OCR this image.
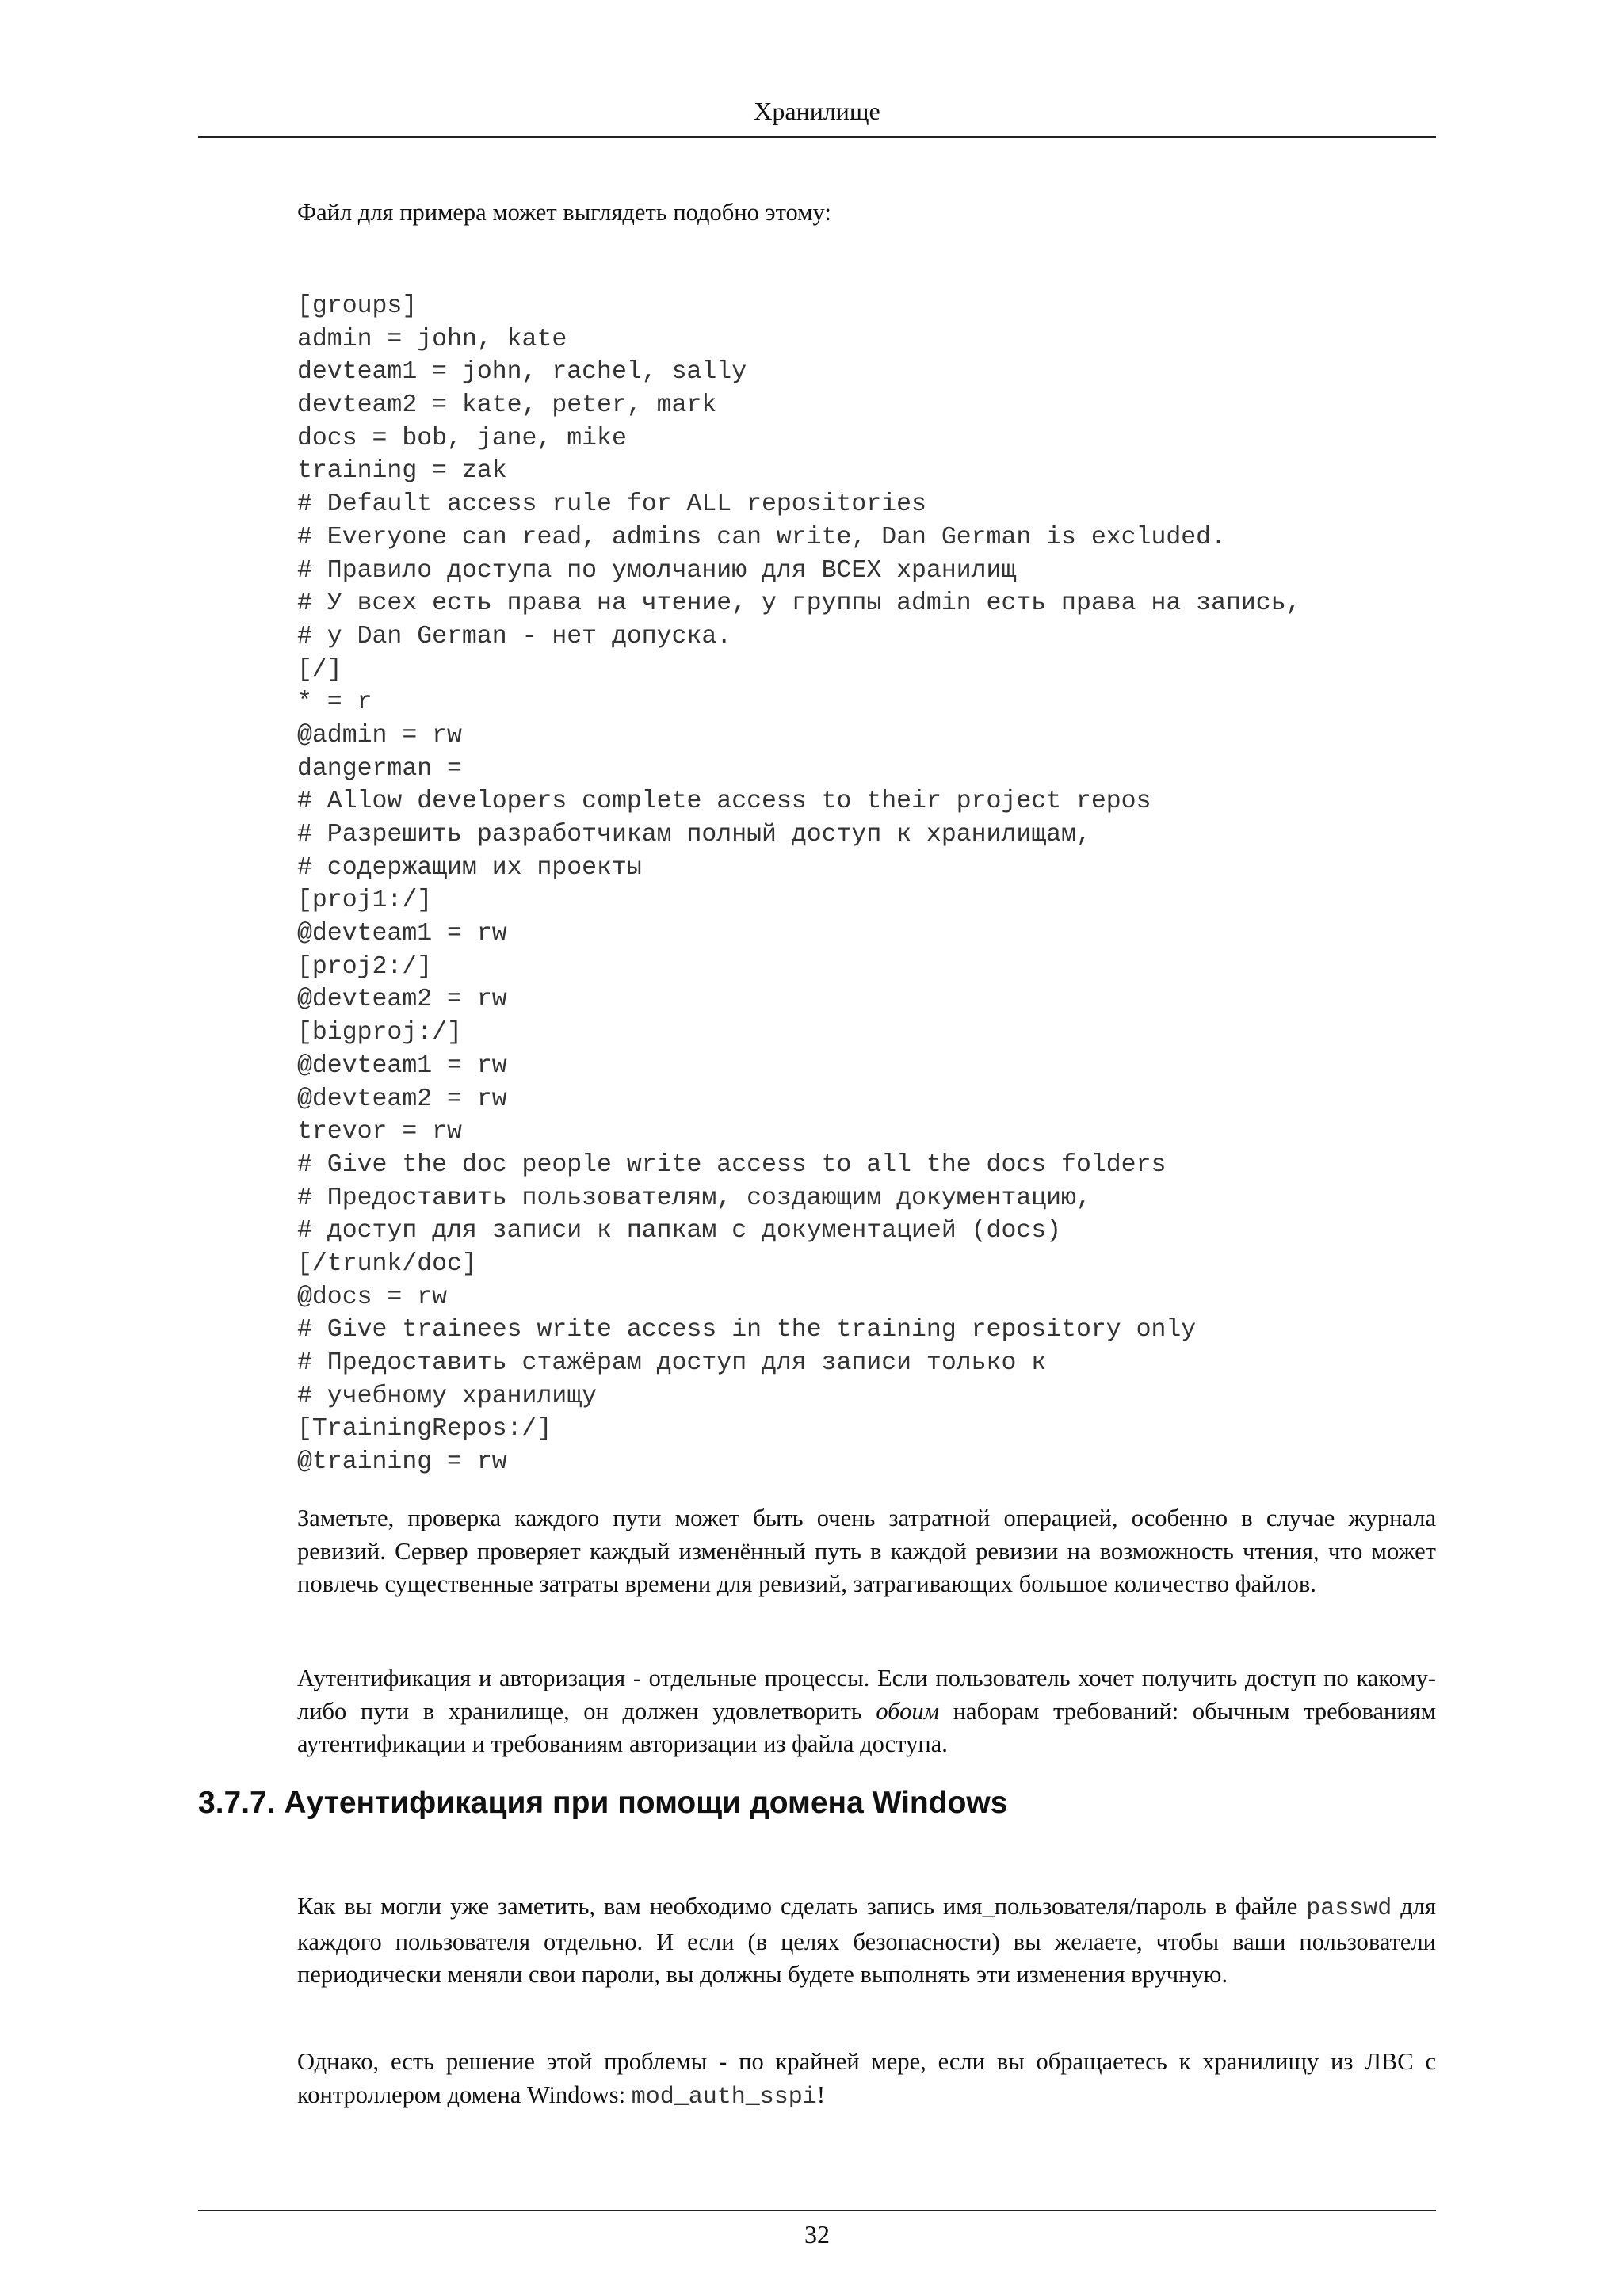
Хранилище

Файл для примера может выглядеть подобно этому:

[groups]
admin = john, kate
devteam1 = john, rachel, sally
devteam2 = kate, peter, mark
docs = bob, jane, mike
training = zak
# Default access rule for ALL repositories
# Everyone can read, admins can write, Dan German is excluded.
# Правило доступа по умолчанию для ВСЕХ хранилищ
# У всех есть права на чтение, у группы admin есть права на запись,
# у Dan German - нет допуска.
[/]
* = r
@admin = rw
dangerman =
# Allow developers complete access to their project repos
# Разрешить разработчикам полный доступ к хранилищам,
# содержащим их проекты
[proj1:/]
@devteam1 = rw
[proj2:/]
@devteam2 = rw
[bigproj:/]
@devteam1 = rw
@devteam2 = rw
trevor = rw
# Give the doc people write access to all the docs folders
# Предоставить пользователям, создающим документацию,
# доступ для записи к папкам с документацией (docs)
[/trunk/doc]
@docs = rw
# Give trainees write access in the training repository only
# Предоставить стажёрам доступ для записи только к
# учебному хранилищу
[TrainingRepos:/]
@training = rw

Заметьте, проверка каждого пути может быть очень затратной операцией, особенно в случае журнала ревизий. Сервер проверяет каждый изменённый путь в каждой ревизии на возможность чтения, что может повлечь существенные затраты времени для ревизий, затрагивающих большое количество файлов.

Аутентификация и авторизация - отдельные процессы. Если пользователь хочет получить доступ по какому-либо пути в хранилище, он должен удовлетворить обоим наборам требований: обычным требованиям аутентификации и требованиям авторизации из файла доступа.

3.7.7. Аутентификация при помощи домена Windows

Как вы могли уже заметить, вам необходимо сделать запись имя_пользователя/пароль в файле passwd для каждого пользователя отдельно. И если (в целях безопасности) вы желаете, чтобы ваши пользователи периодически меняли свои пароли, вы должны будете выполнять эти изменения вручную.

Однако, есть решение этой проблемы - по крайней мере, если вы обращаетесь к хранилищу из ЛВС с контроллером домена Windows: mod_auth_sspi!

32
